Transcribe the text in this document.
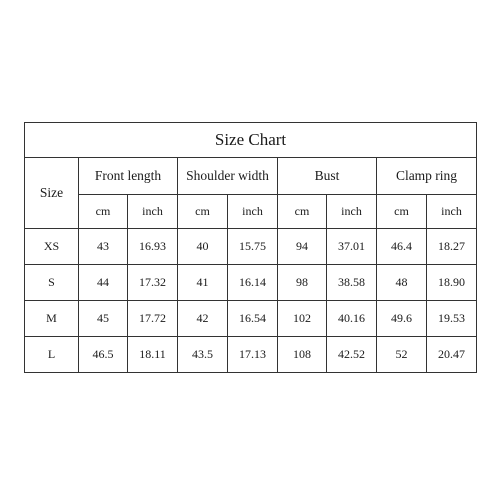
Size Chart								
Size	Front length		Shoulder width		Bust		Clamp ring	
	cm	inch	cm	inch	cm	inch	cm	inch
XS	43	16.93	40	15.75	94	37.01	46.4	18.27
S	44	17.32	41	16.14	98	38.58	48	18.90
M	45	17.72	42	16.54	102	40.16	49.6	19.53
L	46.5	18.11	43.5	17.13	108	42.52	52	20.47
